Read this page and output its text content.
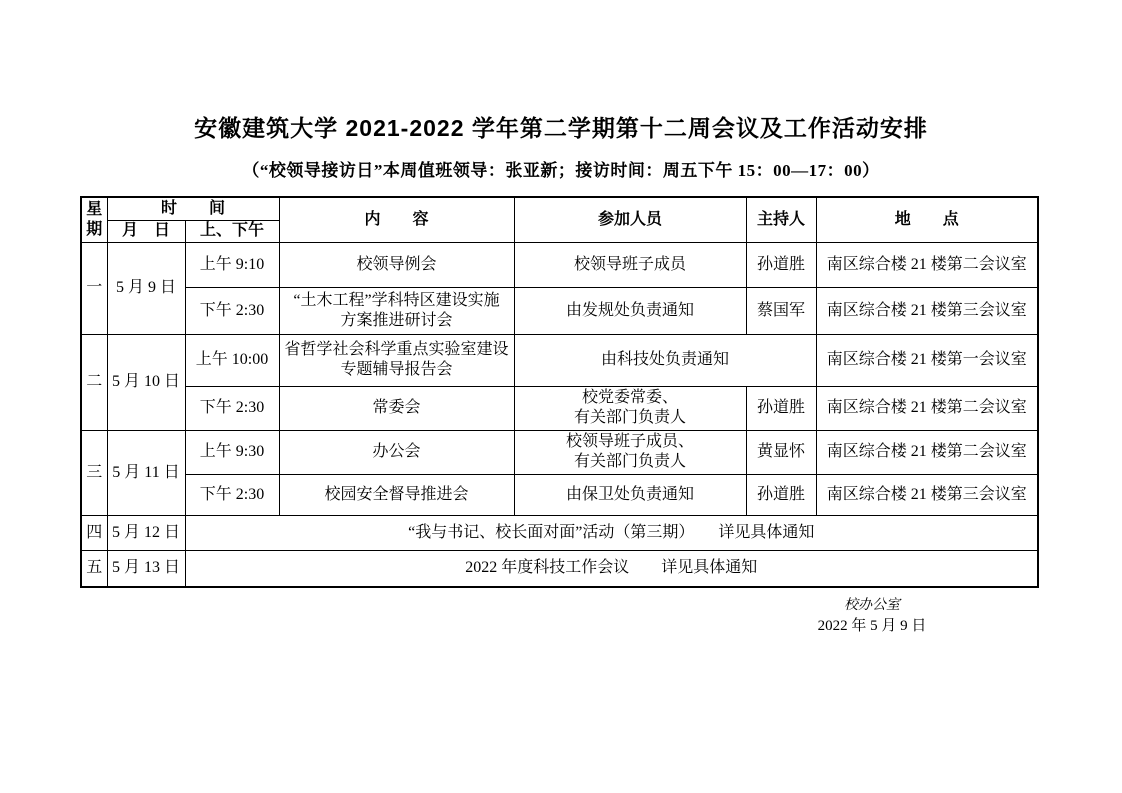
安徽建筑大学 2021-2022 学年第二学期第十二周会议及工作活动安排
（“校领导接访日”本周值班领导：张亚新；接访时间：周五下午 15：00—17：00）
星期	时　　间		内　　容	参加人员	主持人	地　　点
	月　日	上、下午				
一	5 月 9 日	上午 9:10	校领导例会	校领导班子成员	孙道胜	南区综合楼 21 楼第二会议室
		下午 2:30	“土木工程”学科特区建设实施
方案推进研讨会	由发规处负责通知	蔡国军	南区综合楼 21 楼第三会议室
二	5 月 10 日	上午 10:00	省哲学社会科学重点实验室建设
专题辅导报告会	由科技处负责通知		南区综合楼 21 楼第一会议室
		下午 2:30	常委会	校党委常委、
有关部门负责人	孙道胜	南区综合楼 21 楼第二会议室
三	5 月 11 日	上午 9:30	办公会	校领导班子成员、
有关部门负责人	黄显怀	南区综合楼 21 楼第二会议室
		下午 2:30	校园安全督导推进会	由保卫处负责通知	孙道胜	南区综合楼 21 楼第三会议室
四	5 月 12 日	“我与书记、校长面对面”活动（第三期）　　详见具体通知				
五	5 月 13 日	2022 年度科技工作会议　　详见具体通知				
校办公室
2022 年 5 月 9 日
